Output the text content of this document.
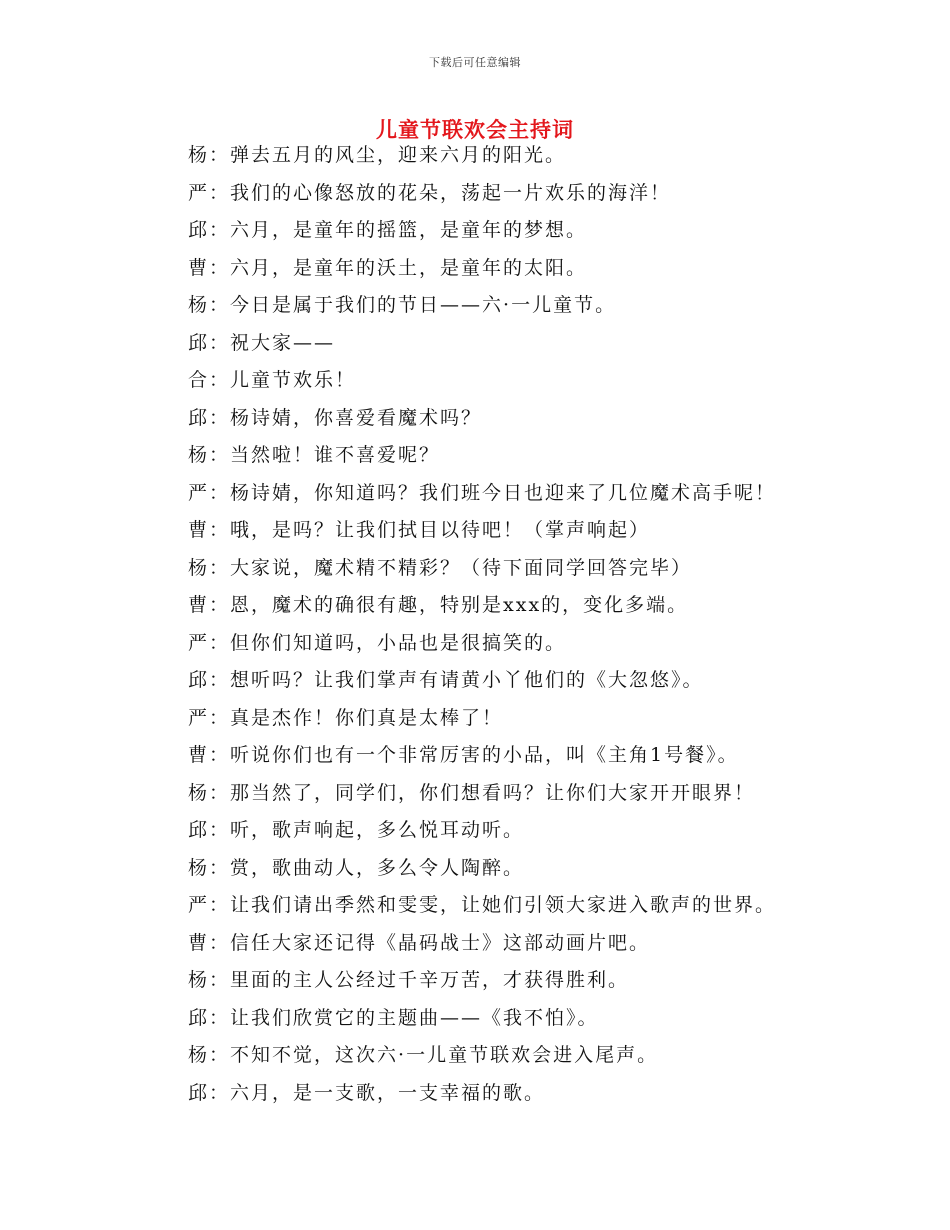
下载后可任意编辑
儿童节联欢会主持词
杨：弹去五月的风尘，迎来六月的阳光。
严：我们的心像怒放的花朵，荡起一片欢乐的海洋！
邱：六月，是童年的摇篮，是童年的梦想。
曹：六月，是童年的沃土，是童年的太阳。
杨：今日是属于我们的节日——六·一儿童节。
邱：祝大家——
合：儿童节欢乐！
邱：杨诗婧，你喜爱看魔术吗？
杨：当然啦！谁不喜爱呢？
严：杨诗婧，你知道吗？我们班今日也迎来了几位魔术高手呢！
曹：哦，是吗？让我们拭目以待吧！（掌声响起）
杨：大家说，魔术精不精彩？（待下面同学回答完毕）
曹：恩，魔术的确很有趣，特别是xxx的，变化多端。
严：但你们知道吗，小品也是很搞笑的。
邱：想听吗？让我们掌声有请黄小丫他们的《大忽悠》。
严：真是杰作！你们真是太棒了！
曹：听说你们也有一个非常厉害的小品，叫《主角1号餐》。
杨：那当然了，同学们，你们想看吗？让你们大家开开眼界！
邱：听，歌声响起，多么悦耳动听。
杨：赏，歌曲动人，多么令人陶醉。
严：让我们请出季然和雯雯，让她们引领大家进入歌声的世界。
曹：信任大家还记得《晶码战士》这部动画片吧。
杨：里面的主人公经过千辛万苦，才获得胜利。
邱：让我们欣赏它的主题曲——《我不怕》。
杨：不知不觉，这次六·一儿童节联欢会进入尾声。
邱：六月，是一支歌，一支幸福的歌。
